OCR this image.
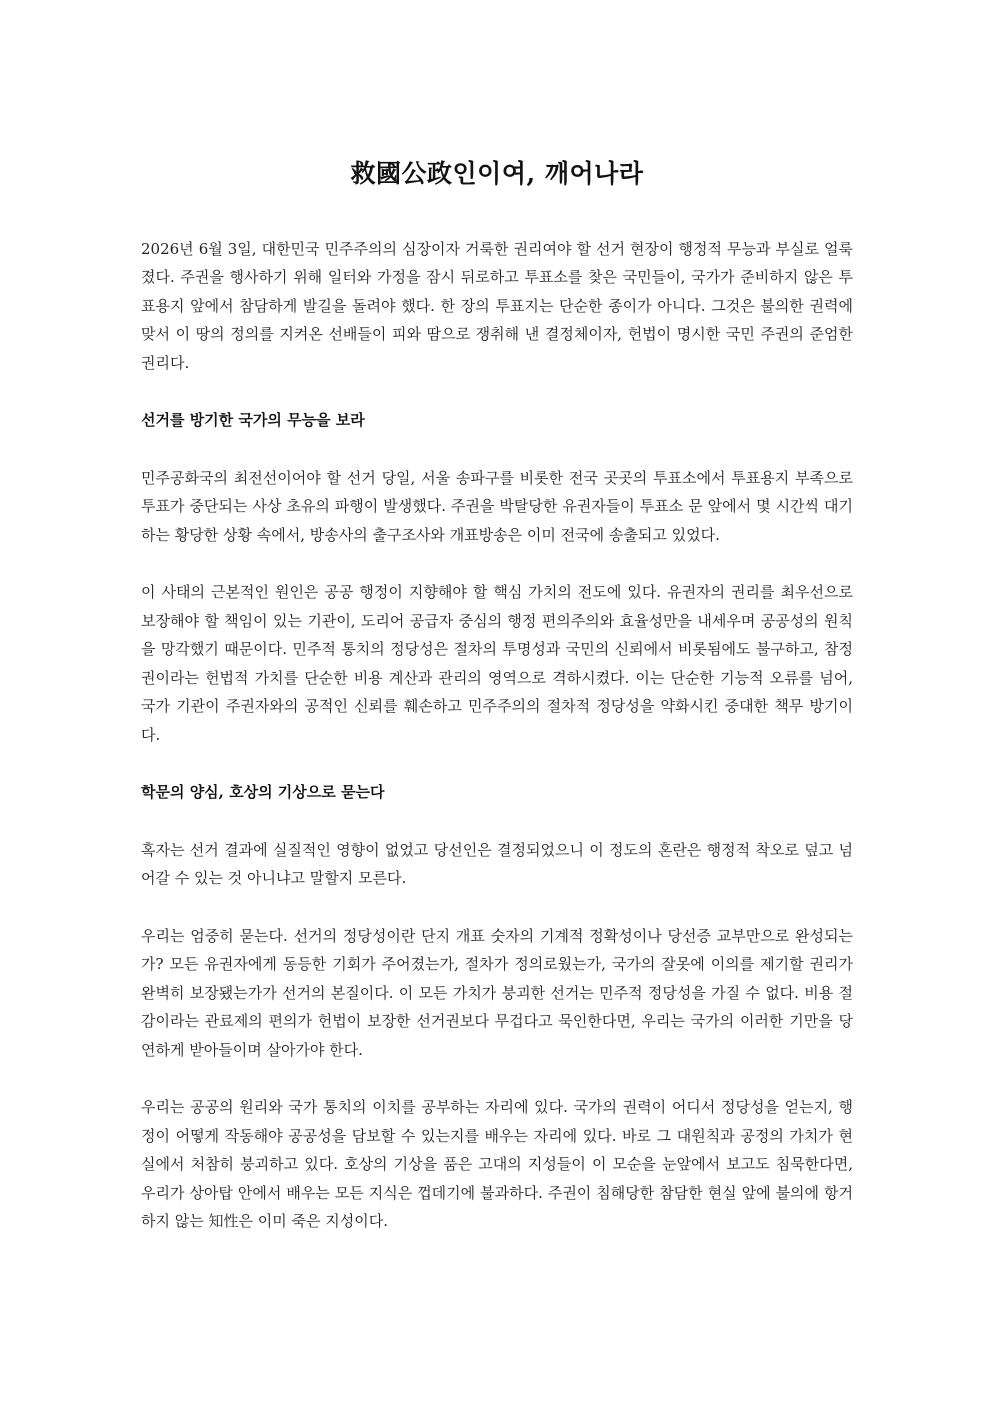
救國公政인이여, 깨어나라

2026년 6월 3일, 대한민국 민주주의의 심장이자 거룩한 권리여야 할 선거 현장이 행정적 무능과 부실로 얼룩졌다. 주권을 행사하기 위해 일터와 가정을 잠시 뒤로하고 투표소를 찾은 국민들이, 국가가 준비하지 않은 투표용지 앞에서 참담하게 발길을 돌려야 했다. 한 장의 투표지는 단순한 종이가 아니다. 그것은 불의한 권력에 맞서 이 땅의 정의를 지켜온 선배들이 피와 땀으로 쟁취해 낸 결정체이자, 헌법이 명시한 국민 주권의 준엄한 권리다.

선거를 방기한 국가의 무능을 보라

민주공화국의 최전선이어야 할 선거 당일, 서울 송파구를 비롯한 전국 곳곳의 투표소에서 투표용지 부족으로 투표가 중단되는 사상 초유의 파행이 발생했다. 주권을 박탈당한 유권자들이 투표소 문 앞에서 몇 시간씩 대기하는 황당한 상황 속에서, 방송사의 출구조사와 개표방송은 이미 전국에 송출되고 있었다.

이 사태의 근본적인 원인은 공공 행정이 지향해야 할 핵심 가치의 전도에 있다. 유권자의 권리를 최우선으로 보장해야 할 책임이 있는 기관이, 도리어 공급자 중심의 행정 편의주의와 효율성만을 내세우며 공공성의 원칙을 망각했기 때문이다. 민주적 통치의 정당성은 절차의 투명성과 국민의 신뢰에서 비롯됨에도 불구하고, 참정권이라는 헌법적 가치를 단순한 비용 계산과 관리의 영역으로 격하시켰다. 이는 단순한 기능적 오류를 넘어, 국가 기관이 주권자와의 공적인 신뢰를 훼손하고 민주주의의 절차적 정당성을 약화시킨 중대한 책무 방기이다.

학문의 양심, 호상의 기상으로 묻는다

혹자는 선거 결과에 실질적인 영향이 없었고 당선인은 결정되었으니 이 정도의 혼란은 행정적 착오로 덮고 넘어갈 수 있는 것 아니냐고 말할지 모른다.

우리는 엄중히 묻는다. 선거의 정당성이란 단지 개표 숫자의 기계적 정확성이나 당선증 교부만으로 완성되는가? 모든 유권자에게 동등한 기회가 주어졌는가, 절차가 정의로웠는가, 국가의 잘못에 이의를 제기할 권리가 완벽히 보장됐는가가 선거의 본질이다. 이 모든 가치가 붕괴한 선거는 민주적 정당성을 가질 수 없다. 비용 절감이라는 관료제의 편의가 헌법이 보장한 선거권보다 무겁다고 묵인한다면, 우리는 국가의 이러한 기만을 당연하게 받아들이며 살아가야 한다.

우리는 공공의 원리와 국가 통치의 이치를 공부하는 자리에 있다. 국가의 권력이 어디서 정당성을 얻는지, 행정이 어떻게 작동해야 공공성을 담보할 수 있는지를 배우는 자리에 있다. 바로 그 대원칙과 공정의 가치가 현실에서 처참히 붕괴하고 있다. 호상의 기상을 품은 고대의 지성들이 이 모순을 눈앞에서 보고도 침묵한다면, 우리가 상아탑 안에서 배우는 모든 지식은 껍데기에 불과하다. 주권이 침해당한 참담한 현실 앞에 불의에 항거하지 않는 知性은 이미 죽은 지성이다.
